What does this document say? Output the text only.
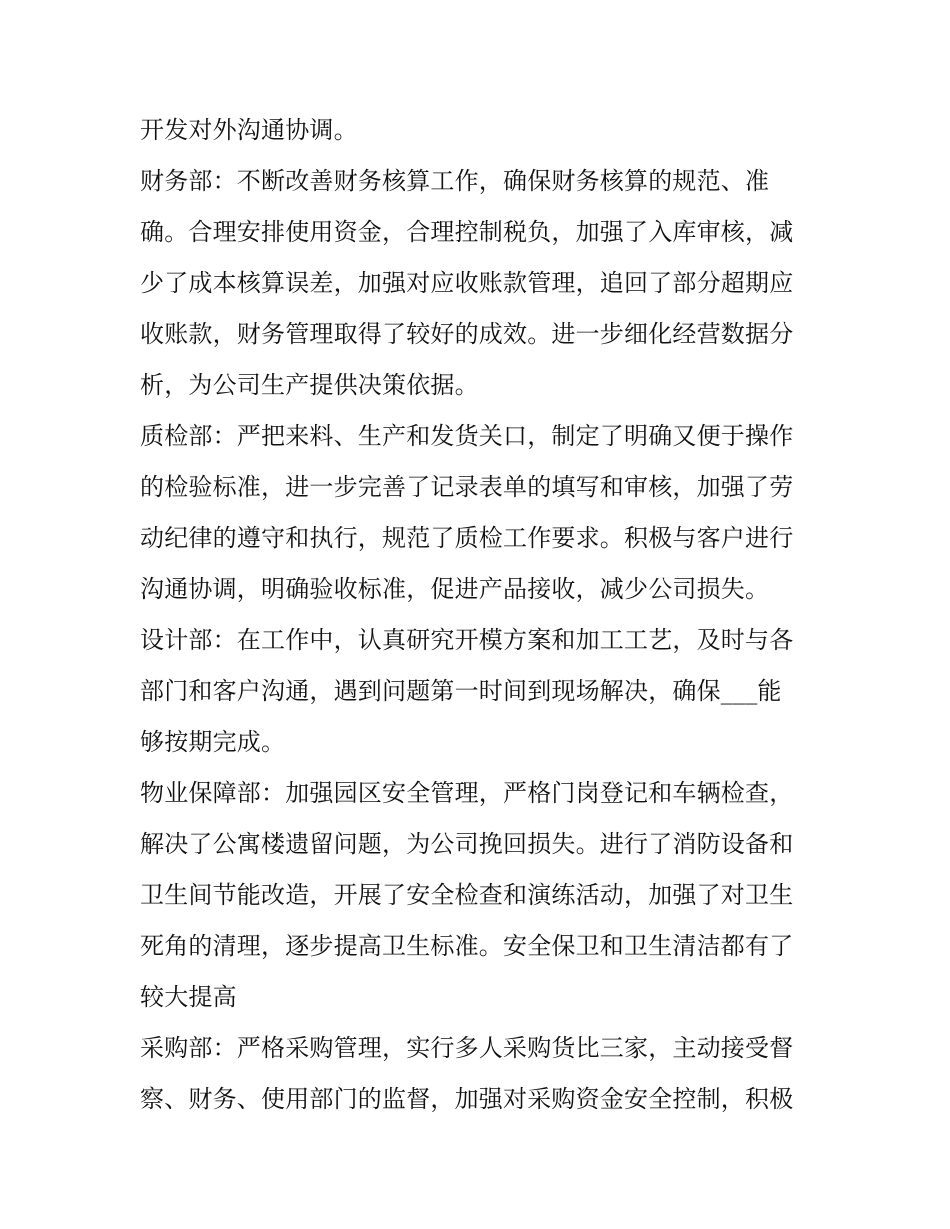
开发对外沟通协调。

财务部：不断改善财务核算工作，确保财务核算的规范、准

确。合理安排使用资金，合理控制税负，加强了入库审核，减

少了成本核算误差，加强对应收账款管理，追回了部分超期应

收账款，财务管理取得了较好的成效。进一步细化经营数据分

析，为公司生产提供决策依据。

质检部：严把来料、生产和发货关口，制定了明确又便于操作

的检验标准，进一步完善了记录表单的填写和审核，加强了劳

动纪律的遵守和执行，规范了质检工作要求。积极与客户进行

沟通协调，明确验收标准，促进产品接收，减少公司损失。

设计部：在工作中，认真研究开模方案和加工工艺，及时与各

部门和客户沟通，遇到问题第一时间到现场解决，确保___能

够按期完成。

物业保障部：加强园区安全管理，严格门岗登记和车辆检查，

解决了公寓楼遗留问题，为公司挽回损失。进行了消防设备和

卫生间节能改造，开展了安全检查和演练活动，加强了对卫生

死角的清理，逐步提高卫生标准。安全保卫和卫生清洁都有了

较大提高

采购部：严格采购管理，实行多人采购货比三家，主动接受督

察、财务、使用部门的监督，加强对采购资金安全控制，积极
